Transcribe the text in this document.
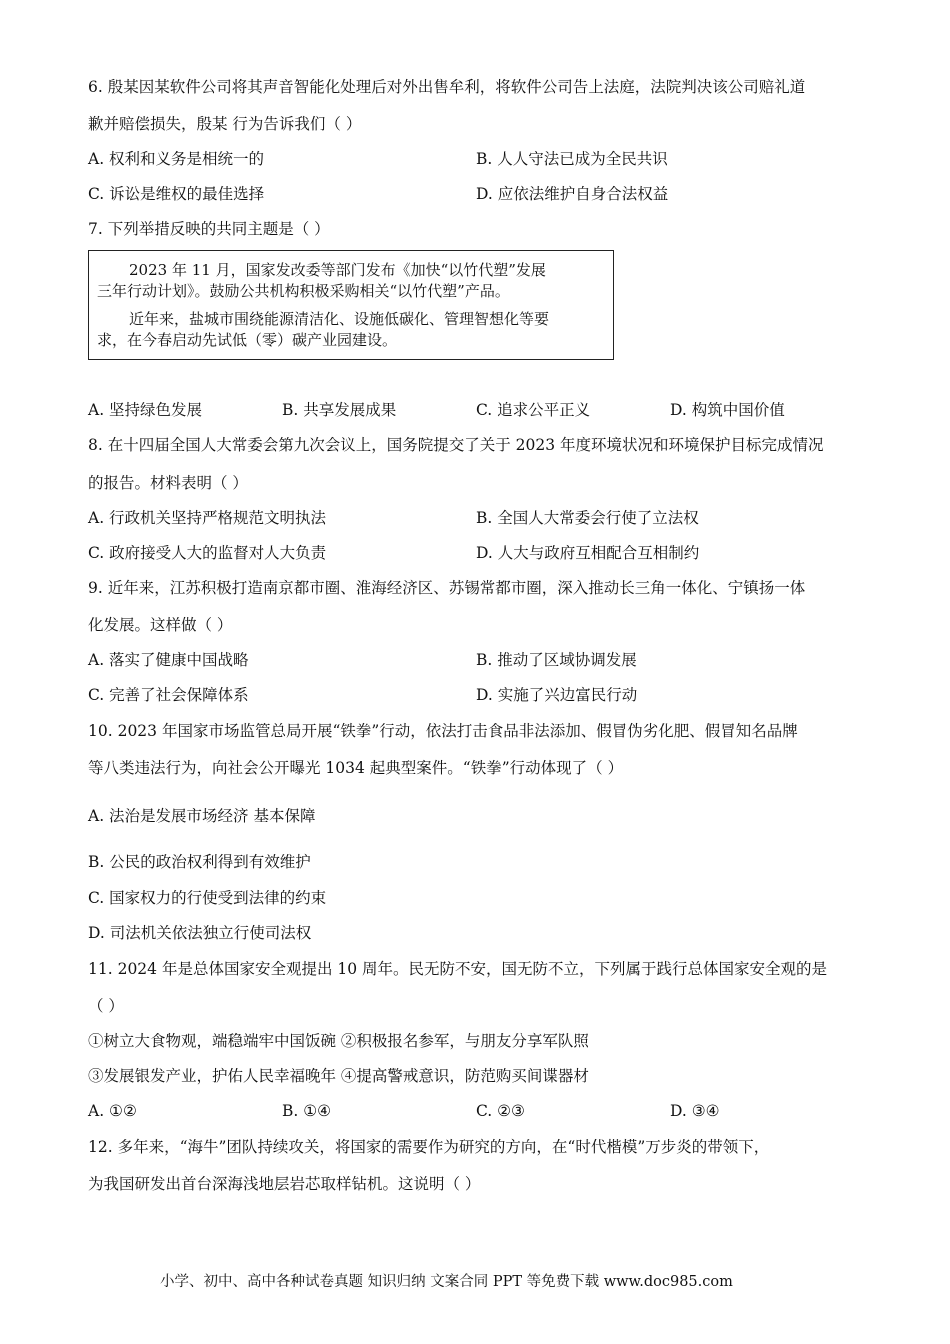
6. 殷某因某软件公司将其声音智能化处理后对外出售牟利，将软件公司告上法庭，法院判决该公司赔礼道
歉并赔偿损失，殷某 行为告诉我们（ ）
A. 权利和义务是相统一的	B. 人人守法已成为全民共识
C. 诉讼是维权的最佳选择	D. 应依法维护自身合法权益
7. 下列举措反映的共同主题是（ ）
2023 年 11 月，国家发改委等部门发布《加快“以竹代塑”发展
三年行动计划》。鼓励公共机构积极采购相关“以竹代塑”产品。
近年来，盐城市围绕能源清洁化、设施低碳化、管理智想化等要
求，在今春启动先试低（零）碳产业园建设。
A. 坚持绿色发展	B. 共享发展成果	C. 追求公平正义	D. 构筑中国价值
8. 在十四届全国人大常委会第九次会议上，国务院提交了关于 2023 年度环境状况和环境保护目标完成情况
的报告。材料表明（ ）
A. 行政机关坚持严格规范文明执法	B. 全国人大常委会行使了立法权
C. 政府接受人大的监督对人大负责	D. 人大与政府互相配合互相制约
9. 近年来，江苏积极打造南京都市圈、淮海经济区、苏锡常都市圈，深入推动长三角一体化、宁镇扬一体
化发展。这样做（ ）
A. 落实了健康中国战略	B. 推动了区域协调发展
C. 完善了社会保障体系	D. 实施了兴边富民行动
10. 2023 年国家市场监管总局开展“铁拳”行动，依法打击食品非法添加、假冒伪劣化肥、假冒知名品牌
等八类违法行为，向社会公开曝光 1034 起典型案件。“铁拳”行动体现了（ ）
A. 法治是发展市场经济 基本保障
B. 公民的政治权利得到有效维护
C. 国家权力的行使受到法律的约束
D. 司法机关依法独立行使司法权
11. 2024 年是总体国家安全观提出 10 周年。民无防不安，国无防不立，下列属于践行总体国家安全观的是
（ ）
①树立大食物观，端稳端牢中国饭碗 ②积极报名参军，与朋友分享军队照
③发展银发产业，护佑人民幸福晚年 ④提高警戒意识，防范购买间谍器材
A. ①②	B. ①④	C. ②③	D. ③④
12. 多年来，“海牛”团队持续攻关，将国家的需要作为研究的方向，在“时代楷模”万步炎的带领下，
为我国研发出首台深海浅地层岩芯取样钻机。这说明（ ）
小学、初中、高中各种试卷真题 知识归纳 文案合同 PPT 等免费下载 www.doc985.com
